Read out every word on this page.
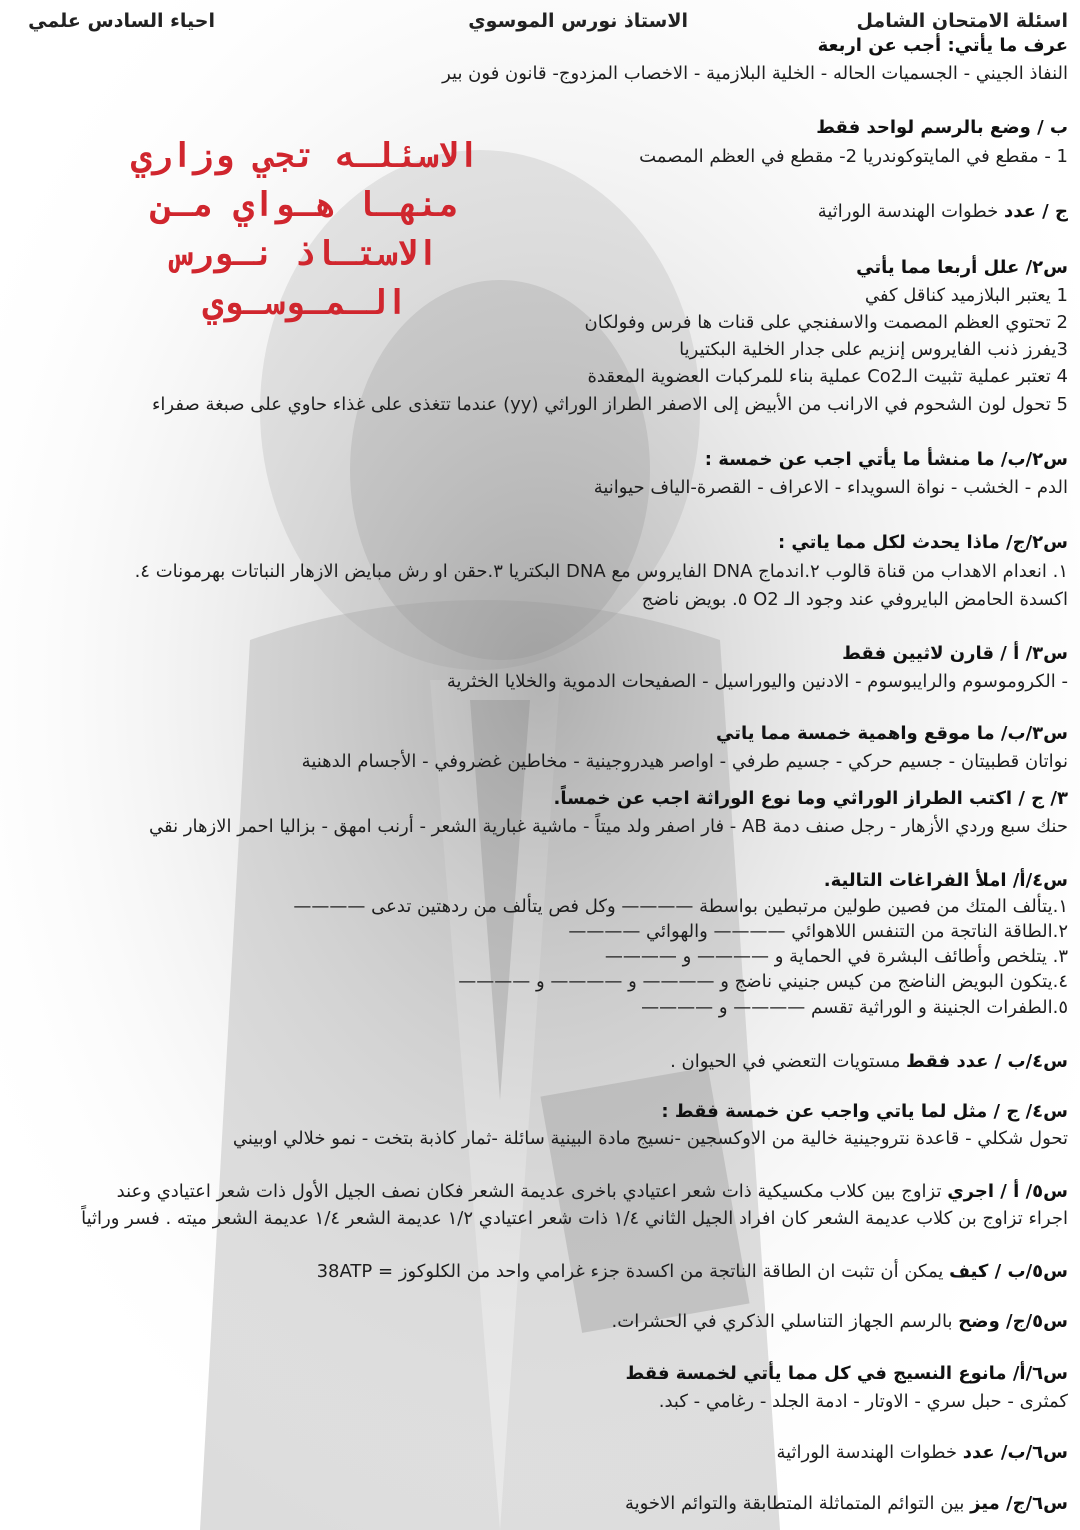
اسئلة الامتحان الشامل
الاستاذ نورس الموسوي
احياء السادس علمي
الاسئلـه تجي وزاري
منهـا هـواي مـن
الاستـاذ نـورس
الـمـوسـوي
عرف ما يأتي: أجب عن اربعة
النفاذ الجيني - الجسميات الحاله - الخلية البلازمية - الاخصاب المزدوج- قانون فون بير
ب / وضع بالرسم لواحد فقط
1 - مقطع في المايتوكوندريا 2- مقطع في العظم المصمت
ج / عدد خطوات الهندسة الوراثية
س٢/ علل أربعا مما يأتي
1 يعتبر البلازميد كناقل كفي
2 تحتوي العظم المصمت والاسفنجي على قنات ها فرس وفولكان
3يفرز ذنب الفايروس إنزيم على جدار الخلية البكتيريا
4 تعتبر عملية تثبيت الـCo2 عملية بناء للمركبات العضوية المعقدة
5 تحول لون الشحوم في الارانب من الأبيض إلى الاصفر الطراز الوراثي (yy) عندما تتغذى على غذاء حاوي على صبغة صفراء
س٢/ب/ ما منشأ ما يأتي اجب عن خمسة :
الدم - الخشب - نواة السويداء - الاعراف - القصرة-الياف حيوانية
س٢/ج/ ماذا يحدث لكل مما ياتي :
١. انعدام الاهداب من قناة قالوب ٢.اندماج DNA الفايروس مع DNA البكتريا ٣.حقن او رش مبايض الازهار النباتات بهرمونات ٤.
اكسدة الحامض البايروفي عند وجود الـ O2 ٥. بويض ناضج
س٣/ أ / قارن لاثيين فقط
- الكروموسوم والرايبوسوم - الادنين واليوراسيل - الصفيحات الدموية والخلايا الخثرية
س٣/ب/ ما موقع واهمية خمسة مما ياتي
نواتان قطبيتان - جسيم حركي - جسيم طرفي - اواصر هيدروجينية - مخاطين غضروفي - الأجسام الدهنية
٣/ ج / اكتب الطراز الوراثي وما نوع الوراثة اجب عن خمساً.
حنك سبع وردي الأزهار - رجل صنف دمة AB - فار اصفر ولد ميتاً - ماشية غبارية الشعر - أرنب امهق - بزاليا احمر الازهار نقي
س٤/أ/ املأ الفراغات التالية.
١.يتألف المتك من فصين طولين مرتبطين بواسطة ———— وكل فص يتألف من ردهتين تدعى ————
٢.الطاقة الناتجة من التنفس اللاهوائي ———— والهوائي ————
٣. يتلخص وأطائف البشرة في الحماية و ———— و ————
٤.يتكون البويض الناضج من كيس جنيني ناضج و ———— و ———— و ————
٥.الطفرات الجنينة و الوراثية تقسم ———— و ————
س٤/ب / عدد فقط مستويات التعضي في الحيوان .
س٤/ ج / مثل لما ياتي واجب عن خمسة فقط :
تحول شكلي - قاعدة نتروجينية خالية من الاوكسجين -نسيج مادة البينية سائلة -ثمار كاذبة بتخت - نمو خلالي اوبيني
س٥/ أ / اجري تزاوج بين كلاب مكسيكية ذات شعر اعتيادي باخرى عديمة الشعر فكان نصف الجيل الأول ذات شعر اعتيادي وعند
اجراء تزاوج بن كلاب عديمة الشعر كان افراد الجيل الثاني ١/٤ ذات شعر اعتيادي ١/٢ عديمة الشعر ١/٤ عديمة الشعر ميته . فسر وراثياً
س٥/ب / كيف يمكن أن تثبت ان الطاقة الناتجة من اكسدة جزء غرامي واحد من الكلوكوز = 38ATP
س٥/ج/ وضح بالرسم الجهاز التناسلي الذكري في الحشرات.
س٦/أ/ مانوع النسيج في كل مما يأتي لخمسة فقط
كمثرى - حبل سري - الاوتار - ادمة الجلد - رغامي - كبد.
س٦/ب/ عدد خطوات الهندسة الوراثية
س٦/ج/ ميز بين التوائم المتماثلة المتطابقة والتوائم الاخوية
